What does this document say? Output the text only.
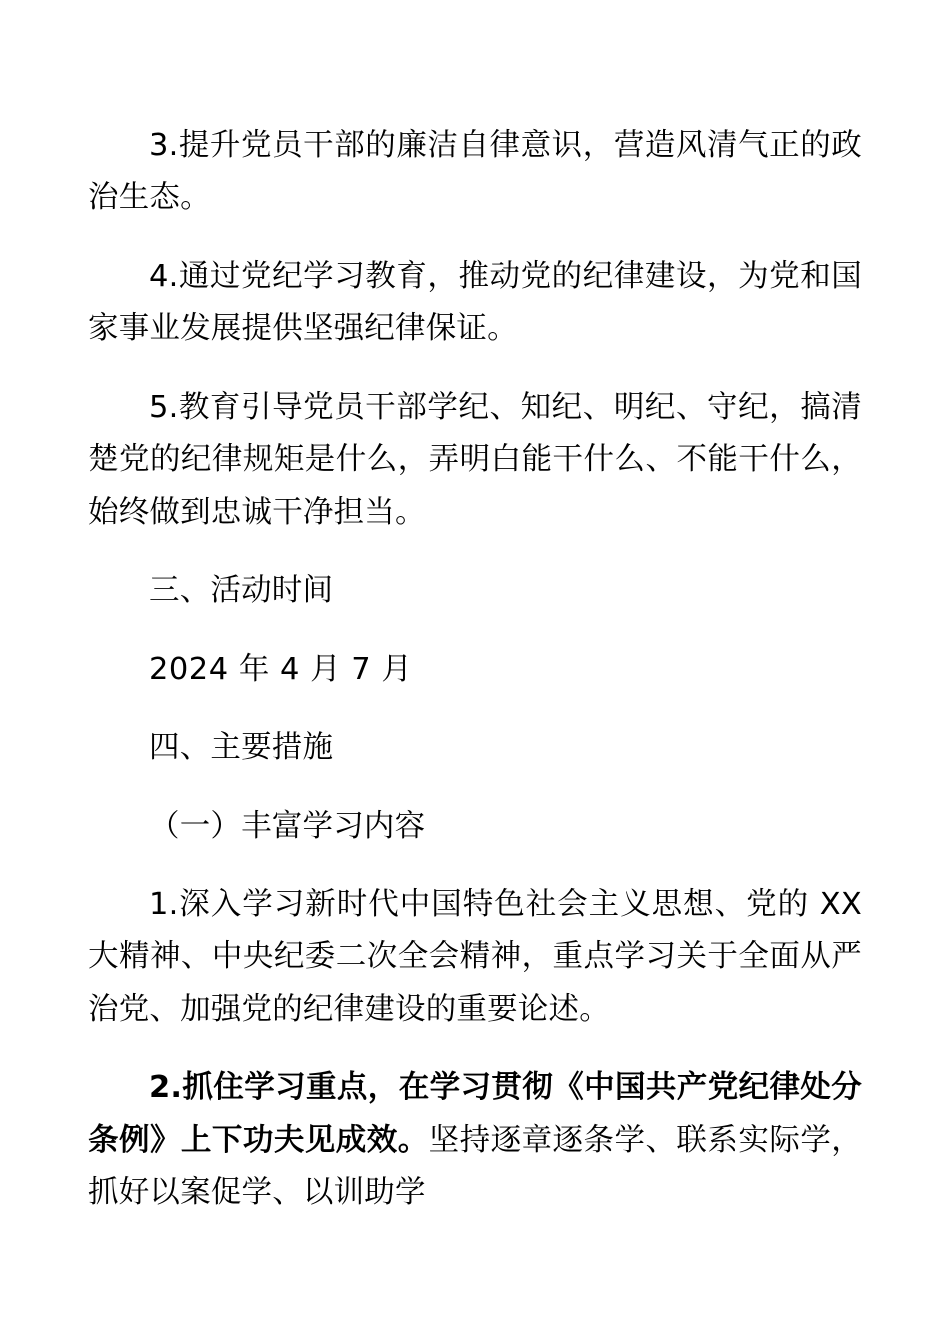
3.提升党员干部的廉洁自律意识，营造风清气正的政治生态。

4.通过党纪学习教育，推动党的纪律建设，为党和国家事业发展提供坚强纪律保证。

5.教育引导党员干部学纪、知纪、明纪、守纪，搞清楚党的纪律规矩是什么，弄明白能干什么、不能干什么，始终做到忠诚干净担当。

三、活动时间

2024 年 4 月 7 月

四、主要措施

（一）丰富学习内容

1.深入学习新时代中国特色社会主义思想、党的 XX 大精神、中央纪委二次全会精神，重点学习关于全面从严治党、加强党的纪律建设的重要论述。

2.抓住学习重点，在学习贯彻《中国共产党纪律处分条例》上下功夫见成效。坚持逐章逐条学、联系实际学，抓好以案促学、以训助学
